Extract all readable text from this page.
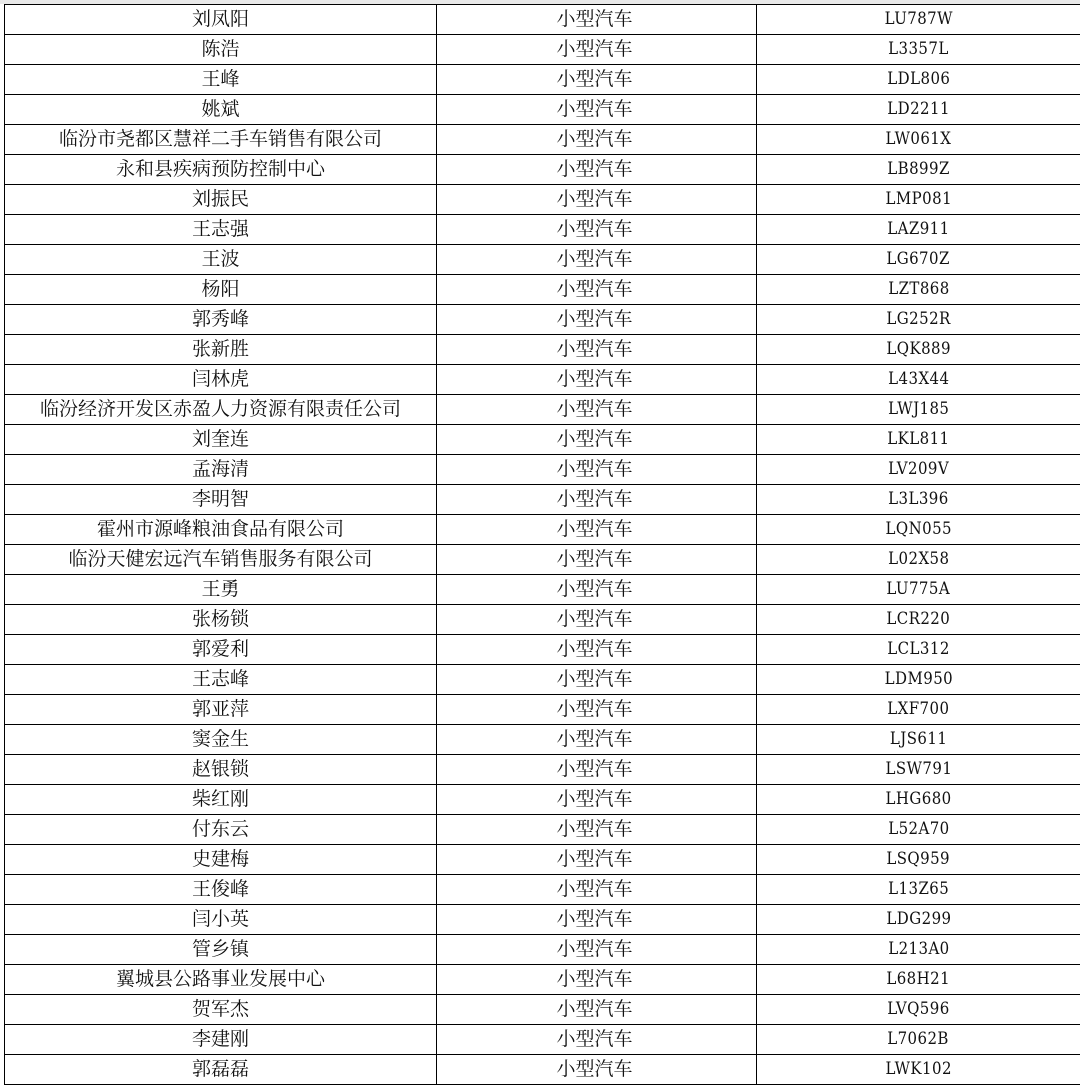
刘凤阳	小型汽车	LU787W
陈浩	小型汽车	L3357L
王峰	小型汽车	LDL806
姚斌	小型汽车	LD2211
临汾市尧都区慧祥二手车销售有限公司	小型汽车	LW061X
永和县疾病预防控制中心	小型汽车	LB899Z
刘振民	小型汽车	LMP081
王志强	小型汽车	LAZ911
王波	小型汽车	LG670Z
杨阳	小型汽车	LZT868
郭秀峰	小型汽车	LG252R
张新胜	小型汽车	LQK889
闫林虎	小型汽车	L43X44
临汾经济开发区赤盈人力资源有限责任公司	小型汽车	LWJ185
刘奎连	小型汽车	LKL811
孟海清	小型汽车	LV209V
李明智	小型汽车	L3L396
霍州市源峰粮油食品有限公司	小型汽车	LQN055
临汾天健宏远汽车销售服务有限公司	小型汽车	L02X58
王勇	小型汽车	LU775A
张杨锁	小型汽车	LCR220
郭爱利	小型汽车	LCL312
王志峰	小型汽车	LDM950
郭亚萍	小型汽车	LXF700
窦金生	小型汽车	LJS611
赵银锁	小型汽车	LSW791
柴红刚	小型汽车	LHG680
付东云	小型汽车	L52A70
史建梅	小型汽车	LSQ959
王俊峰	小型汽车	L13Z65
闫小英	小型汽车	LDG299
管乡镇	小型汽车	L213A0
翼城县公路事业发展中心	小型汽车	L68H21
贺军杰	小型汽车	LVQ596
李建刚	小型汽车	L7062B
郭磊磊	小型汽车	LWK102
